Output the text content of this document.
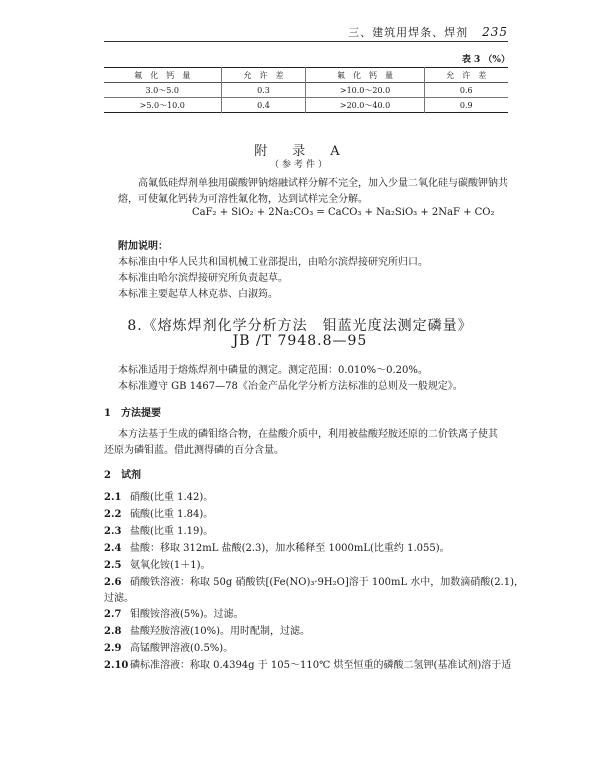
三、建筑用焊条、焊剂 235
表 3 （%）
氟　化　钙　量	允　许　差	氟　化　钙　量	允　许　差
3.0～5.0	0.3	>10.0～20.0	0.6
>5.0～10.0	0.4	>20.0～40.0	0.9
附　录　A
（参考件）
高氟低硅焊剂单独用碳酸钾钠熔融试样分解不完全，加入少量二氧化硅与碳酸钾钠共熔，可使氟化钙转为可溶性氟化物，达到试样完全分解。
CaF₂ + SiO₂ + 2Na₂CO₃ = CaCO₃ + Na₂SiO₃ + 2NaF + CO₂
附加说明：
本标准由中华人民共和国机械工业部提出，由哈尔滨焊接研究所归口。
本标准由哈尔滨焊接研究所负责起草。
本标准主要起草人林克恭、白淑筠。
8.《熔炼焊剂化学分析方法　钼蓝光度法测定磷量》
JB /T 7948.8—95
本标准适用于熔炼焊剂中磷量的测定。测定范围：0.010%～0.20%。
本标准遵守 GB 1467—78《冶金产品化学分析方法标准的总则及一般规定》。
1　方法提要
本方法基于生成的磷钼络合物，在盐酸介质中，利用被盐酸羟胺还原的二价铁离子使其
还原为磷钼蓝。借此测得磷的百分含量。
2　试剂
2.1 硝酸(比重 1.42)。
2.2 硫酸(比重 1.84)。
2.3 盐酸(比重 1.19)。
2.4 盐酸：移取 312mL 盐酸(2.3)，加水稀释至 1000mL(比重约 1.055)。
2.5 氨氧化铵(1＋1)。
2.6 硝酸铁溶液：称取 50g 硝酸铁[(Fe(NO)₃·9H₂O]溶于 100mL 水中，加数滴硝酸(2.1)，
过滤。
2.7 钼酸铵溶液(5%)。过滤。
2.8 盐酸羟胺溶液(10%)。用时配制，过滤。
2.9 高锰酸钾溶液(0.5%)。
2.10 磷标准溶液：称取 0.4394g 于 105～110℃ 烘至恒重的磷酸二氢钾(基准试剂)溶于适
